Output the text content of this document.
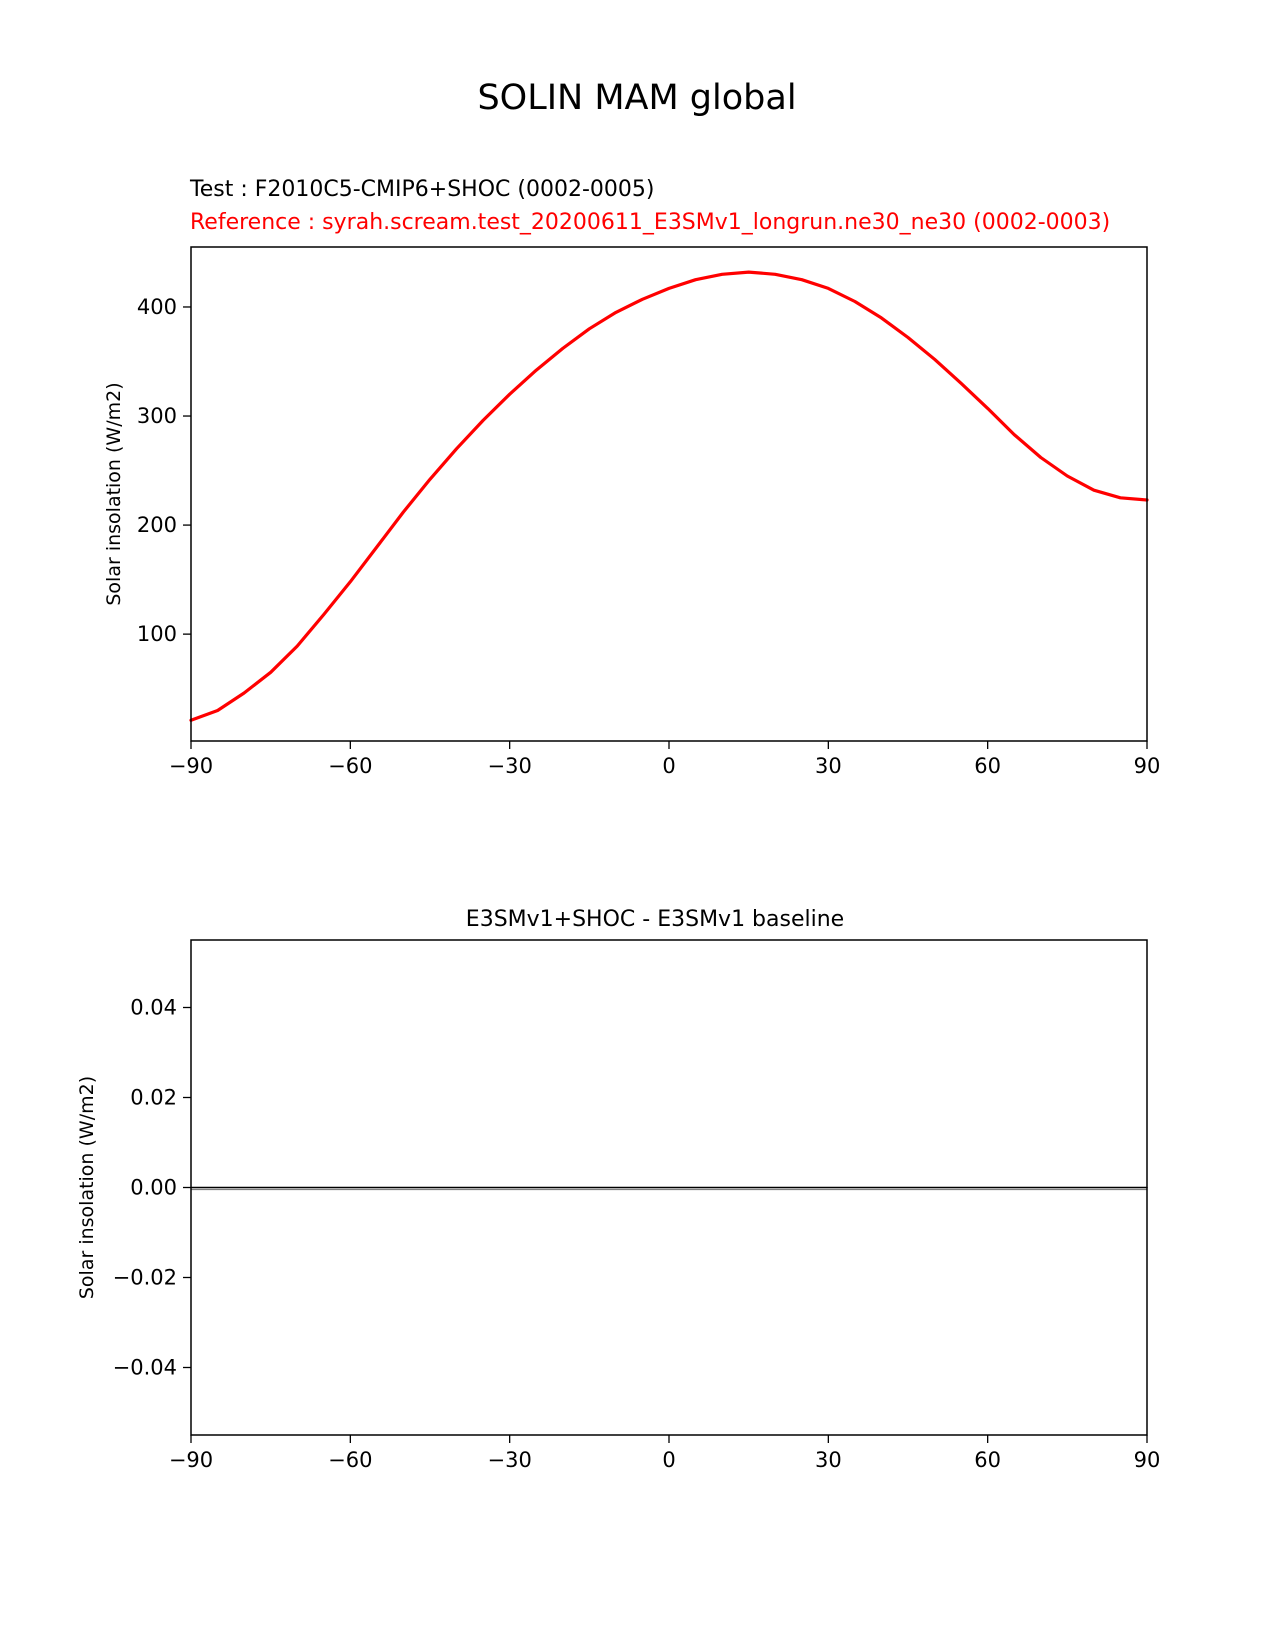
SOLIN MAM global
Test : F2010C5-CMIP6+SHOC (0002-0005)
Reference : syrah.scream.test_20200611_E3SMv1_longrun.ne30_ne30 (0002-0003)
Solar insolation (W/m2)
−90	−60	−30	0	30	60	90
100
200
300
400
E3SMv1+SHOC - E3SMv1 baseline
Solar insolation (W/m2)
−90	−60	−30	0	30	60	90
−0.04
−0.02
0.00
0.02
0.04
